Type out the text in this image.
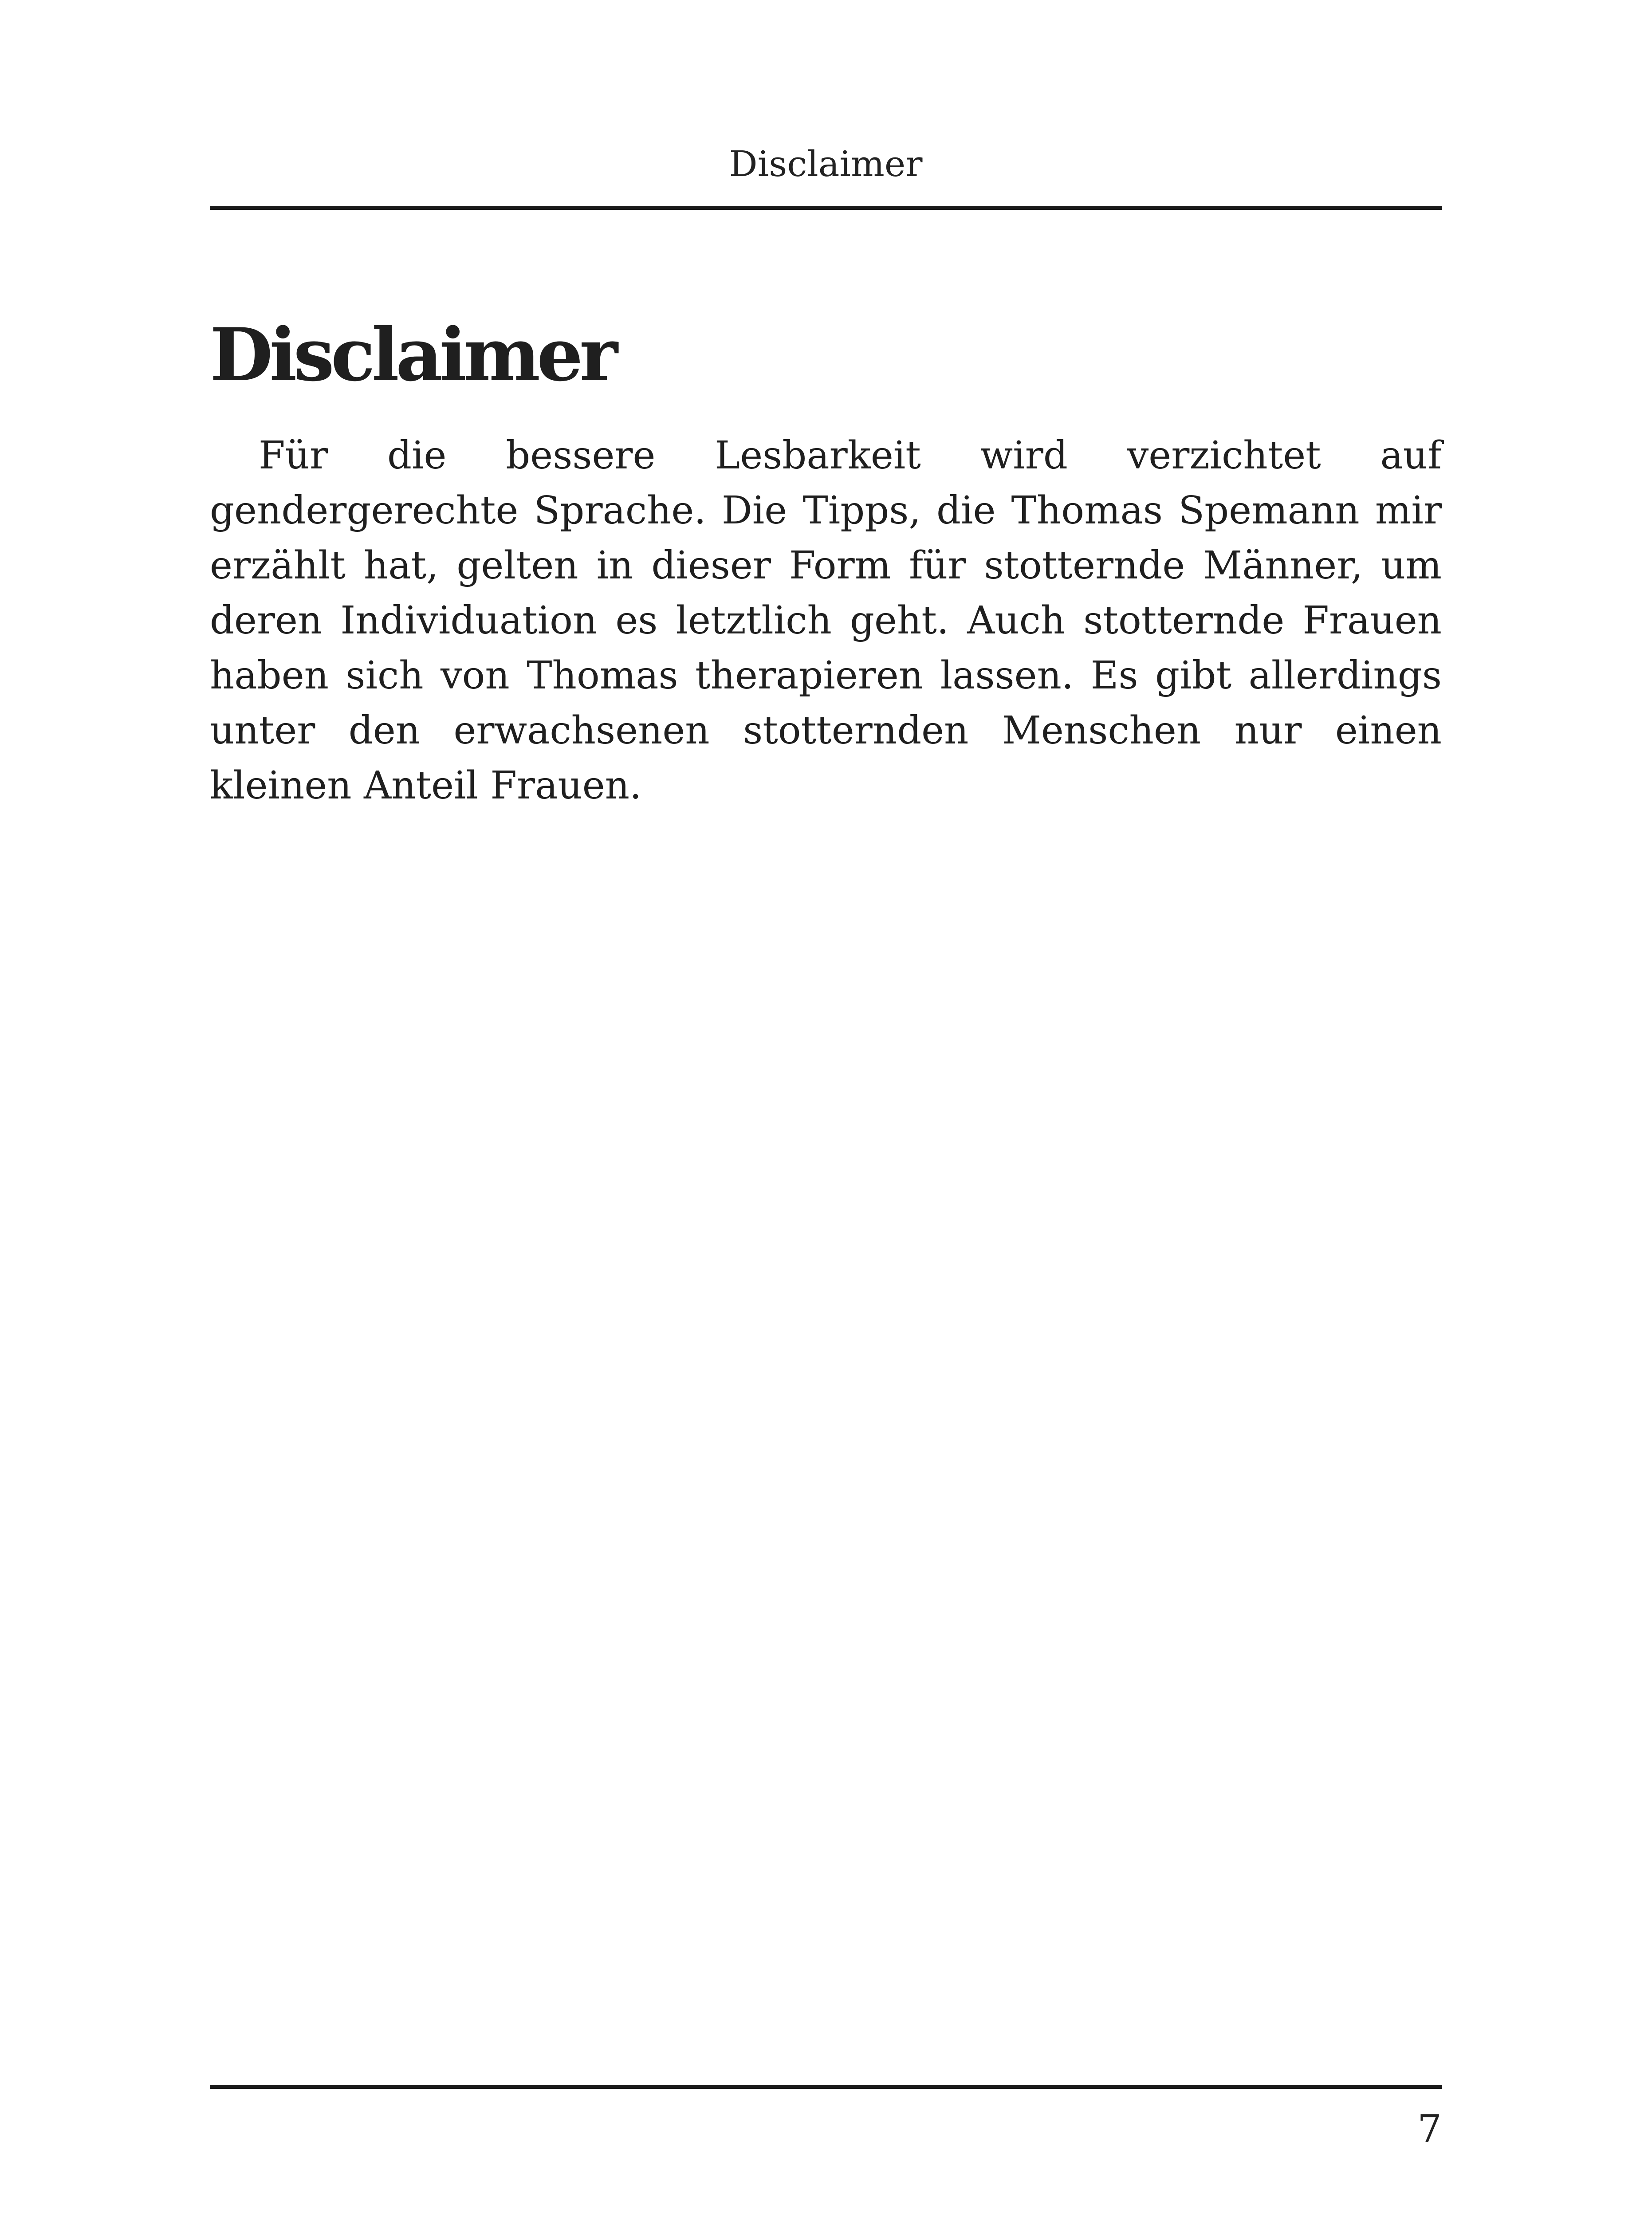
Disclaimer
Disclaimer

Für die bessere Lesbarkeit wird verzichtet auf gendergerechte Sprache. Die Tipps, die Thomas Spemann mir erzählt hat, gelten in dieser Form für stotternde Männer, um deren Individuation es letztlich geht. Auch stotternde Frauen haben sich von Thomas therapieren lassen. Es gibt allerdings unter den erwachsenen stotternden Menschen nur einen kleinen Anteil Frauen.

7
